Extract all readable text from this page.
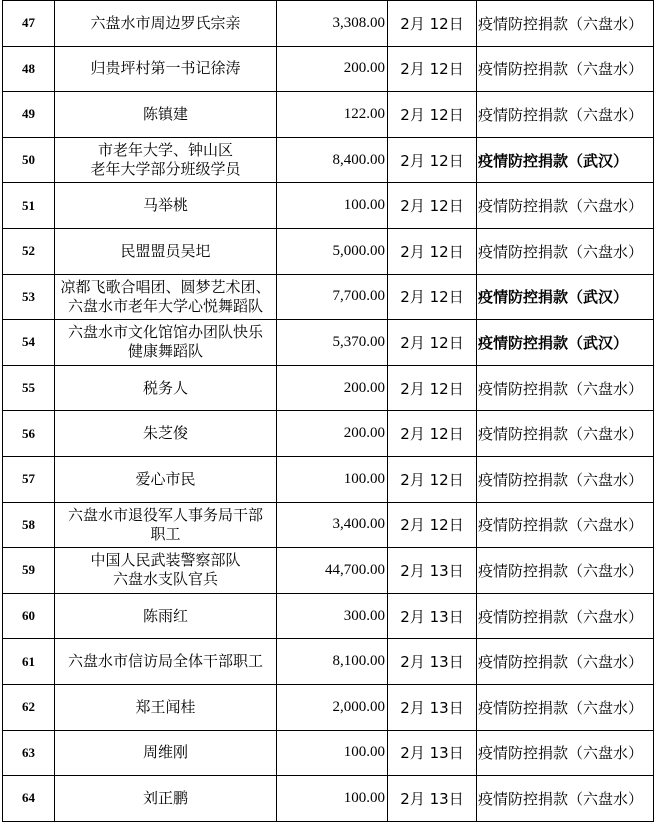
47	六盘水市周边罗氏宗亲	3,308.00	2月 12日	疫情防控捐款（六盘水）
48	归贵坪村第一书记徐涛	200.00	2月 12日	疫情防控捐款（六盘水）
49	陈镇建	122.00	2月 12日	疫情防控捐款（六盘水）
50	市老年大学、钟山区
老年大学部分班级学员	8,400.00	2月 12日	疫情防控捐款（武汉）
51	马举桃	100.00	2月 12日	疫情防控捐款（六盘水）
52	民盟盟员吴圯	5,000.00	2月 12日	疫情防控捐款（六盘水）
53	凉都飞歌合唱团、圆梦艺术团、
六盘水市老年大学心悦舞蹈队	7,700.00	2月 12日	疫情防控捐款（武汉）
54	六盘水市文化馆馆办团队快乐
健康舞蹈队	5,370.00	2月 12日	疫情防控捐款（武汉）
55	税务人	200.00	2月 12日	疫情防控捐款（六盘水）
56	朱芝俊	200.00	2月 12日	疫情防控捐款（六盘水）
57	爱心市民	100.00	2月 12日	疫情防控捐款（六盘水）
58	六盘水市退役军人事务局干部
职工	3,400.00	2月 12日	疫情防控捐款（六盘水）
59	中国人民武装警察部队
六盘水支队官兵	44,700.00	2月 13日	疫情防控捐款（六盘水）
60	陈雨红	300.00	2月 13日	疫情防控捐款（六盘水）
61	六盘水市信访局全体干部职工	8,100.00	2月 13日	疫情防控捐款（六盘水）
62	郑王闻桂	2,000.00	2月 13日	疫情防控捐款（六盘水）
63	周维刚	100.00	2月 13日	疫情防控捐款（六盘水）
64	刘正鹏	100.00	2月 13日	疫情防控捐款（六盘水）
